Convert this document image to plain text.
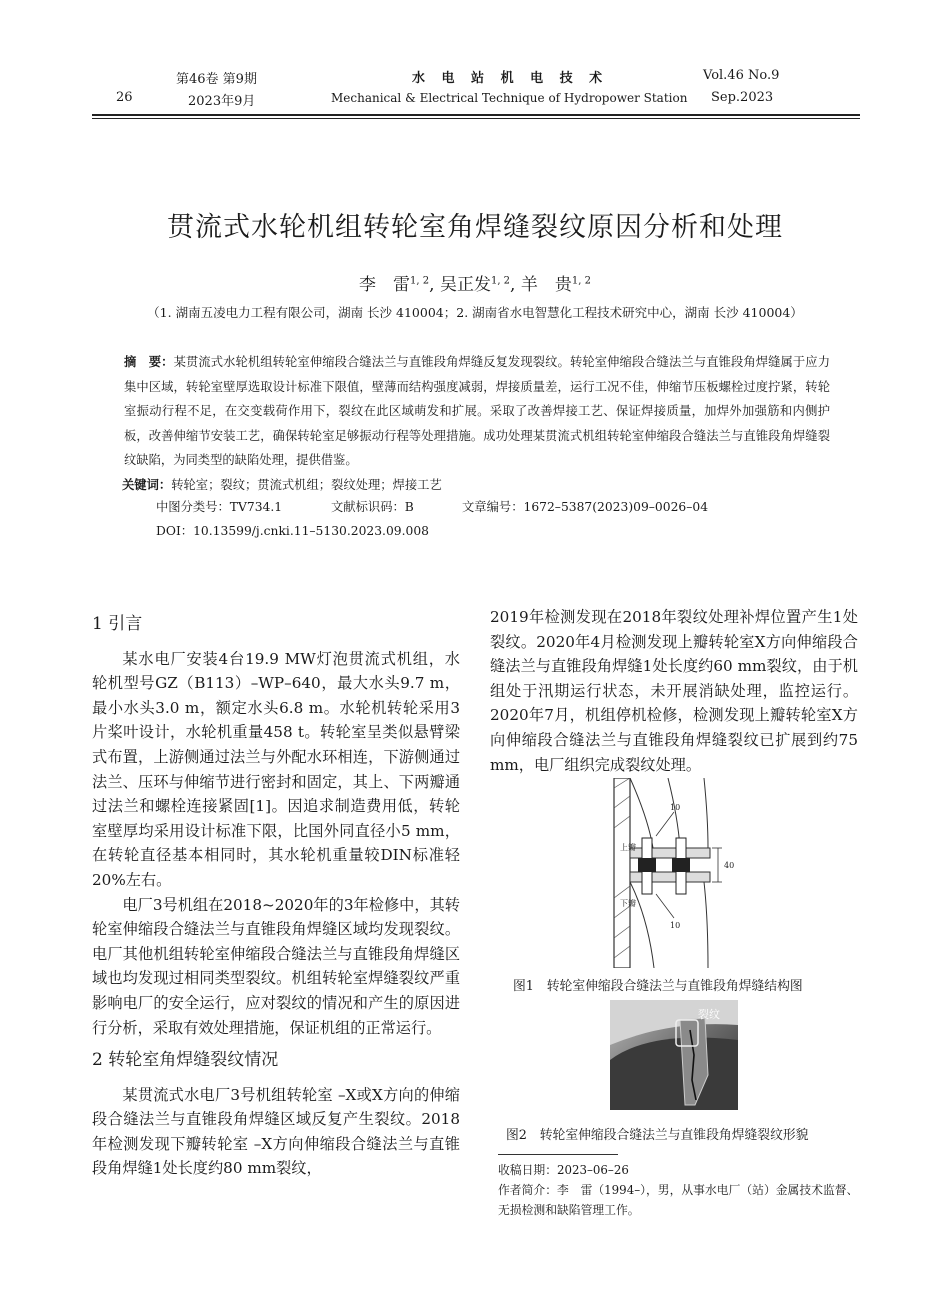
26
第46卷 第9期
2023年9月
水 电 站 机 电 技 术
Mechanical & Electrical Technique of Hydropower Station
Vol.46 No.9
Sep.2023
贯流式水轮机组转轮室角焊缝裂纹原因分析和处理
李　雷$^{1, 2}$, 吴正发$^{1, 2}$, 羊　贵$^{1, 2}$
（1. 湖南五凌电力工程有限公司，湖南 长沙 410004；2. 湖南省水电智慧化工程技术研究中心，湖南 长沙 410004）
摘　要：某贯流式水轮机组转轮室伸缩段合缝法兰与直锥段角焊缝反复发现裂纹。转轮室伸缩段合缝法兰与直锥段角焊缝属于应力集中区域，转轮室壁厚选取设计标准下限值，壁薄而结构强度减弱，焊接质量差，运行工况不佳，伸缩节压板螺栓过度拧紧，转轮室振动行程不足，在交变载荷作用下，裂纹在此区域萌发和扩展。采取了改善焊接工艺、保证焊接质量，加焊外加强筋和内侧护板，改善伸缩节安装工艺，确保转轮室足够振动行程等处理措施。成功处理某贯流式机组转轮室伸缩段合缝法兰与直锥段角焊缝裂纹缺陷，为同类型的缺陷处理，提供借鉴。
关键词：转轮室；裂纹；贯流式机组；裂纹处理；焊接工艺
中图分类号：TV734.1	文献标识码：B	文章编号：1672–5387(2023)09–0026–04
DOI：10.13599/j.cnki.11–5130.2023.09.008
1 引言

某水电厂安装4台19.9 MW灯泡贯流式机组，水轮机型号GZ（B113）–WP–640，最大水头9.7 m，最小水头3.0 m，额定水头6.8 m。水轮机转轮采用3片桨叶设计，水轮机重量458 t。转轮室呈类似悬臂梁式布置，上游侧通过法兰与外配水环相连，下游侧通过法兰、压环与伸缩节进行密封和固定，其上、下两瓣通过法兰和螺栓连接紧固[1]。因追求制造费用低，转轮室壁厚均采用设计标准下限，比国外同直径小5 mm，在转轮直径基本相同时，其水轮机重量较DIN标准轻20%左右。

电厂3号机组在2018~2020年的3年检修中，其转轮室伸缩段合缝法兰与直锥段角焊缝区域均发现裂纹。电厂其他机组转轮室伸缩段合缝法兰与直锥段角焊缝区域也均发现过相同类型裂纹。机组转轮室焊缝裂纹严重影响电厂的安全运行，应对裂纹的情况和产生的原因进行分析，采取有效处理措施，保证机组的正常运行。

2 转轮室角焊缝裂纹情况

某贯流式水电厂3号机组转轮室 –X或X方向的伸缩段合缝法兰与直锥段角焊缝区域反复产生裂纹。2018年检测发现下瓣转轮室 –X方向伸缩段合缝法兰与直锥段角焊缝1处长度约80 mm裂纹，

2019年检测发现在2018年裂纹处理补焊位置产生1处裂纹。2020年4月检测发现上瓣转轮室X方向伸缩段合缝法兰与直锥段角焊缝1处长度约60 mm裂纹，由于机组处于汛期运行状态，未开展消缺处理，监控运行。2020年7月，机组停机检修，检测发现上瓣转轮室X方向伸缩段合缝法兰与直锥段角焊缝裂纹已扩展到约75 mm，电厂组织完成裂纹处理。

上瓣
下瓣
40
10
10
图1　转轮室伸缩段合缝法兰与直锥段角焊缝结构图
裂纹
图2　转轮室伸缩段合缝法兰与直锥段角焊缝裂纹形貌
收稿日期：2023–06–26
作者简介：李　雷（1994–），男，从事水电厂（站）金属技术监督、无损检测和缺陷管理工作。
